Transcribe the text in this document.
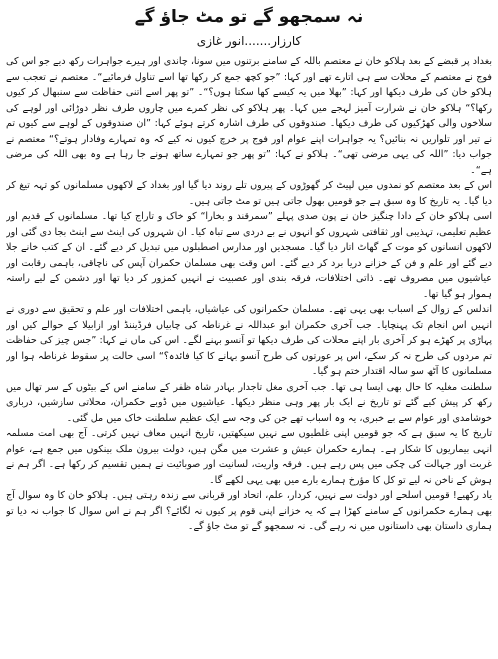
نہ سمجھو گے تو مٹ جاؤ گے
کارزار.......انور غازی

بغداد پر قبضے کے بعد ہلاکو خان نے معتصم باللہ کے سامنے برتنوں میں سونا، چاندی اور ہیرے جواہرات رکھ دیے جو اس کی فوج نے معتصم کے محلات سے ہی اتارے تھے اور کہا: ”جو کچھ جمع کر رکھا تھا اسے تناول فرمائیے“۔ معتصم نے تعجب سے ہلاکو خان کی طرف دیکھا اور کہا: ”بھلا میں یہ کیسے کھا سکتا ہوں؟“۔ ”تو پھر اسے اتنی حفاظت سے سنبھال کر کیوں رکھا؟“ ہلاکو خان نے شرارت آمیز لہجے میں کہا۔ پھر ہلاکو کی نظر کمرے میں چاروں طرف نظر دوڑائی اور لوہے کی سلاخوں والی کھڑکیوں کی طرف دیکھا۔ صندوقوں کی طرف اشارہ کرتے ہوئے کہا: ”ان صندوقوں کے لوہے سے کیوں تم نے تیر اور تلواریں نہ بنائیں؟ یہ جواہرات اپنے عوام اور فوج پر خرچ کیوں نہ کیے کہ وہ تمہارے وفادار ہوتے؟“ معتصم نے جواب دیا: ”اللہ کی یہی مرضی تھی“۔ ہلاکو نے کہا: ”تو پھر جو تمہارے ساتھ ہونے جا رہا ہے وہ بھی اللہ کی مرضی ہے“۔

اس کے بعد معتصم کو نمدوں میں لپیٹ کر گھوڑوں کے پیروں تلے روند دیا گیا اور بغداد کے لاکھوں مسلمانوں کو تہہ تیغ کر دیا گیا۔ یہ تاریخ کا وہ سبق ہے جو قومیں بھول جاتی ہیں تو مٹ جاتی ہیں۔

اسی ہلاکو خان کے دادا چنگیز خان نے پون صدی پہلے ”سمرقند و بخارا“ کو خاک و تاراج کیا تھا۔ مسلمانوں کے قدیم اور عظیم تعلیمی، تہذیبی اور ثقافتی شہروں کو انہوں نے بے دردی سے تباہ کیا۔ ان شہروں کی اینٹ سے اینٹ بجا دی گئی اور لاکھوں انسانوں کو موت کے گھاٹ اتار دیا گیا۔ مسجدیں اور مدارس اصطبلوں میں تبدیل کر دیے گئے۔ ان کے کتب خانے جلا دیے گئے اور علم و فن کے خزانے دریا برد کر دیے گئے۔ اس وقت بھی مسلمان حکمران آپس کی ناچاقی، باہمی رقابت اور عیاشیوں میں مصروف تھے۔ ذاتی اختلافات، فرقہ بندی اور عصبیت نے انہیں کمزور کر دیا تھا اور دشمن کے لیے راستہ ہموار ہو گیا تھا۔

اندلس کے زوال کے اسباب بھی یہی تھے۔ مسلمان حکمرانوں کی عیاشیاں، باہمی اختلافات اور علم و تحقیق سے دوری نے انہیں اس انجام تک پہنچایا۔ جب آخری حکمران ابو عبداللہ نے غرناطہ کی چابیاں فرڈیننڈ اور ازابیلا کے حوالے کیں اور پہاڑی پر کھڑے ہو کر آخری بار اپنے محلات کی طرف دیکھا تو آنسو بہنے لگے۔ اس کی ماں نے کہا: ”جس چیز کی حفاظت تم مردوں کی طرح نہ کر سکے، اس پر عورتوں کی طرح آنسو بہانے کا کیا فائدہ؟“ اسی حالت پر سقوط غرناطہ ہوا اور مسلمانوں کا آٹھ سو سالہ اقتدار ختم ہو گیا۔

سلطنت مغلیہ کا حال بھی ایسا ہی تھا۔ جب آخری مغل تاجدار بہادر شاہ ظفر کے سامنے اس کے بیٹوں کے سر تھال میں رکھ کر پیش کیے گئے تو تاریخ نے ایک بار پھر وہی منظر دیکھا۔ عیاشیوں میں ڈوبے حکمران، محلاتی سازشیں، درباری خوشامدی اور عوام سے بے خبری، یہ وہ اسباب تھے جن کی وجہ سے ایک عظیم سلطنت خاک میں مل گئی۔

تاریخ کا یہ سبق ہے کہ جو قومیں اپنی غلطیوں سے نہیں سیکھتیں، تاریخ انہیں معاف نہیں کرتی۔ آج بھی امت مسلمہ انہی بیماریوں کا شکار ہے۔ ہمارے حکمران عیش و عشرت میں مگن ہیں، دولت بیرون ملک بینکوں میں جمع ہے، عوام غربت اور جہالت کی چکی میں پس رہے ہیں۔ فرقہ واریت، لسانیت اور صوبائیت نے ہمیں تقسیم کر رکھا ہے۔ اگر ہم نے ہوش کے ناخن نہ لیے تو کل کا مؤرخ ہمارے بارے میں بھی یہی لکھے گا۔

یاد رکھیے! قومیں اسلحے اور دولت سے نہیں، کردار، علم، اتحاد اور قربانی سے زندہ رہتی ہیں۔ ہلاکو خان کا وہ سوال آج بھی ہمارے حکمرانوں کے سامنے کھڑا ہے کہ یہ خزانے اپنی قوم پر کیوں نہ لگائے؟ اگر ہم نے اس سوال کا جواب نہ دیا تو ہماری داستان بھی داستانوں میں نہ رہے گی۔ نہ سمجھو گے تو مٹ جاؤ گے۔
